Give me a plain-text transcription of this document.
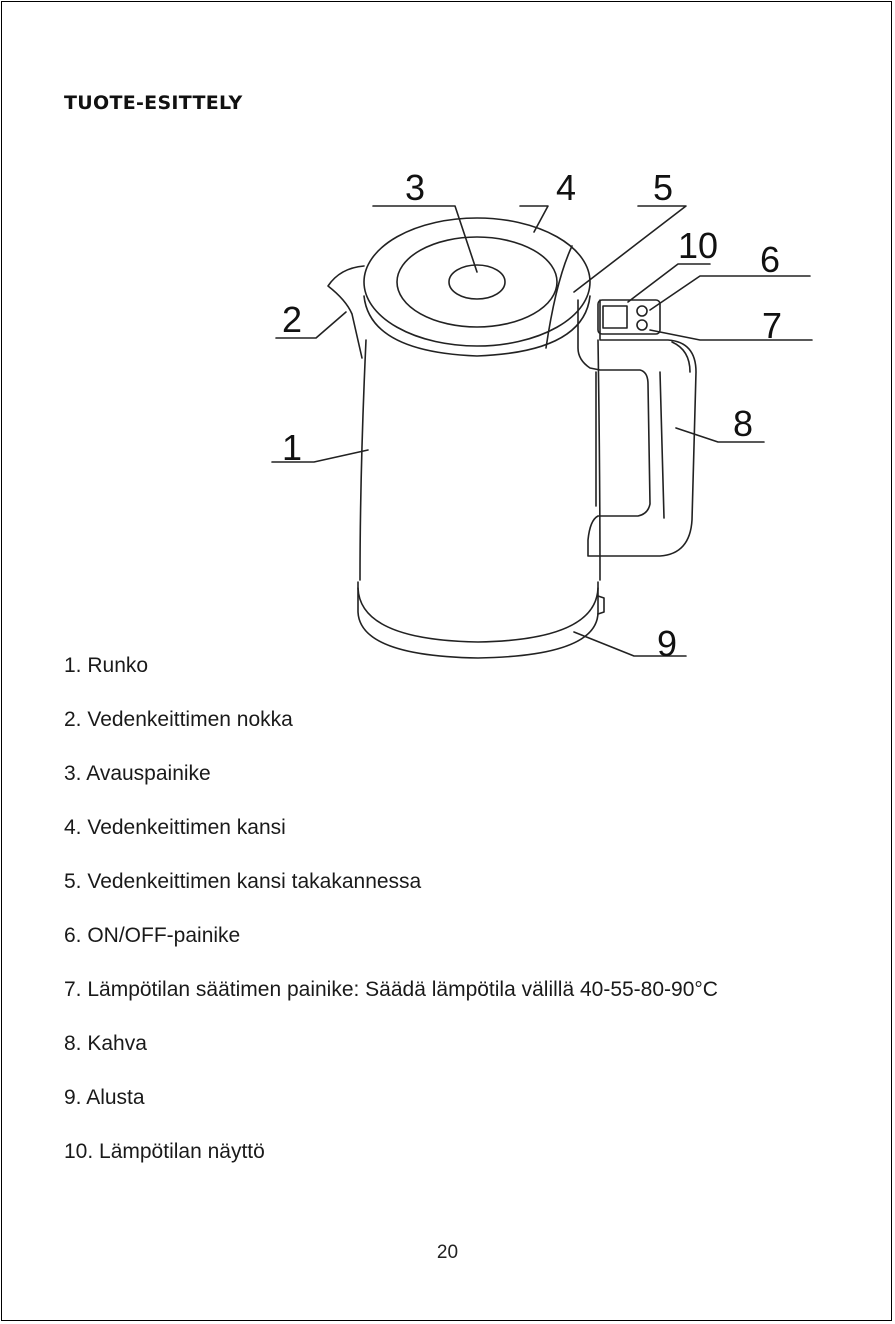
TUOTE-ESITTELY
3	4 5
10 6
2	7
8
1
9
1. Runko
2. Vedenkeittimen nokka
3. Avauspainike
4. Vedenkeittimen kansi
5. Vedenkeittimen kansi takakannessa
6. ON/OFF-painike
7. Lämpötilan säätimen painike: Säädä lämpötila välillä 40-55-80-90°C
8. Kahva
9. Alusta
10. Lämpötilan näyttö
20
